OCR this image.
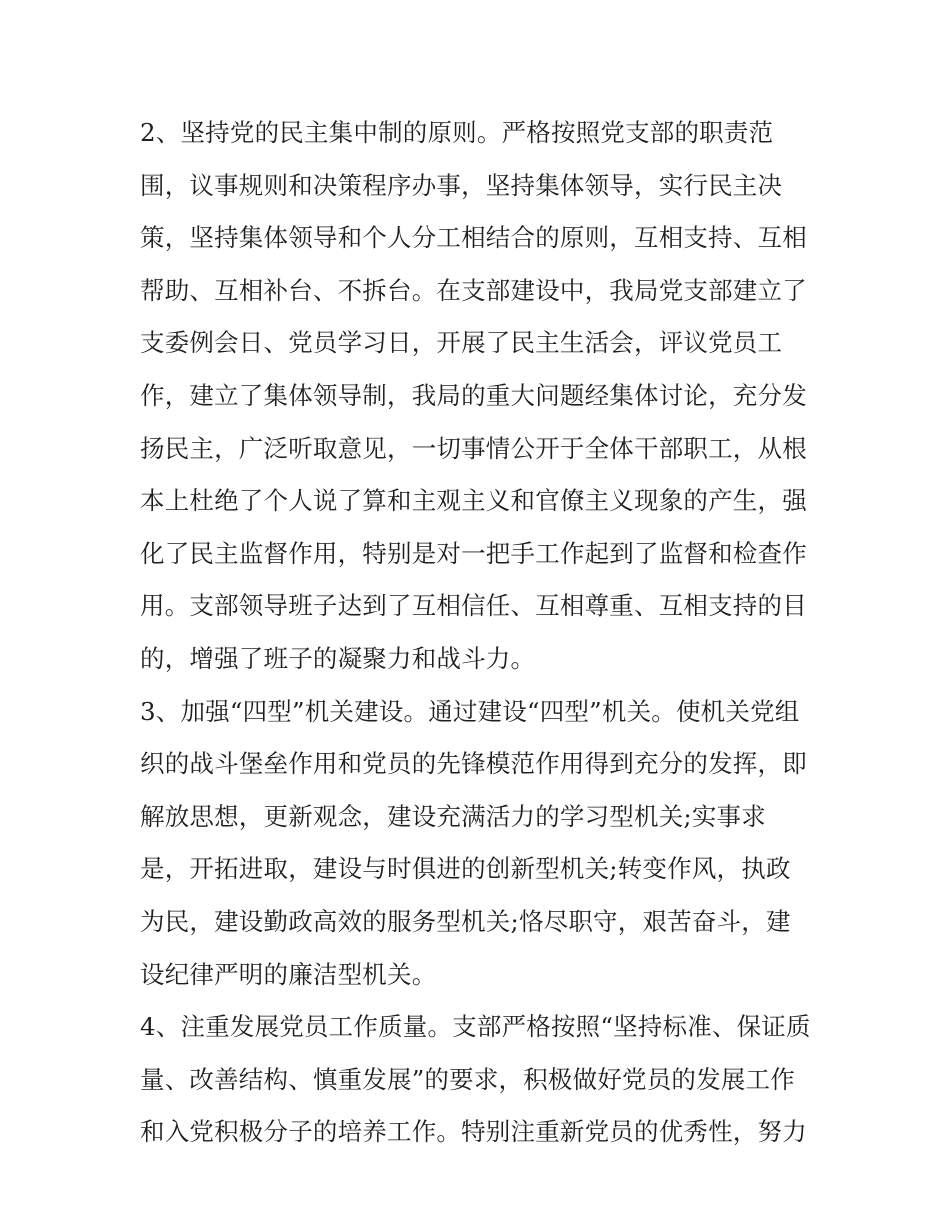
2、坚持党的民主集中制的原则。严格按照党支部的职责范
围，议事规则和决策程序办事，坚持集体领导，实行民主决
策，坚持集体领导和个人分工相结合的原则，互相支持、互相
帮助、互相补台、不拆台。在支部建设中，我局党支部建立了
支委例会日、党员学习日，开展了民主生活会，评议党员工
作，建立了集体领导制，我局的重大问题经集体讨论，充分发
扬民主，广泛听取意见，一切事情公开于全体干部职工，从根
本上杜绝了个人说了算和主观主义和官僚主义现象的产生，强
化了民主监督作用，特别是对一把手工作起到了监督和检查作
用。支部领导班子达到了互相信任、互相尊重、互相支持的目
的，增强了班子的凝聚力和战斗力。
3、加强“四型”机关建设。通过建设“四型”机关。使机关党组
织的战斗堡垒作用和党员的先锋模范作用得到充分的发挥，即
解放思想，更新观念，建设充满活力的学习型机关;实事求
是，开拓进取，建设与时俱进的创新型机关;转变作风，执政
为民，建设勤政高效的服务型机关;恪尽职守，艰苦奋斗，建
设纪律严明的廉洁型机关。
4、注重发展党员工作质量。支部严格按照“坚持标准、保证质
量、改善结构、慎重发展”的要求，积极做好党员的发展工作
和入党积极分子的培养工作。特别注重新党员的优秀性，努力
